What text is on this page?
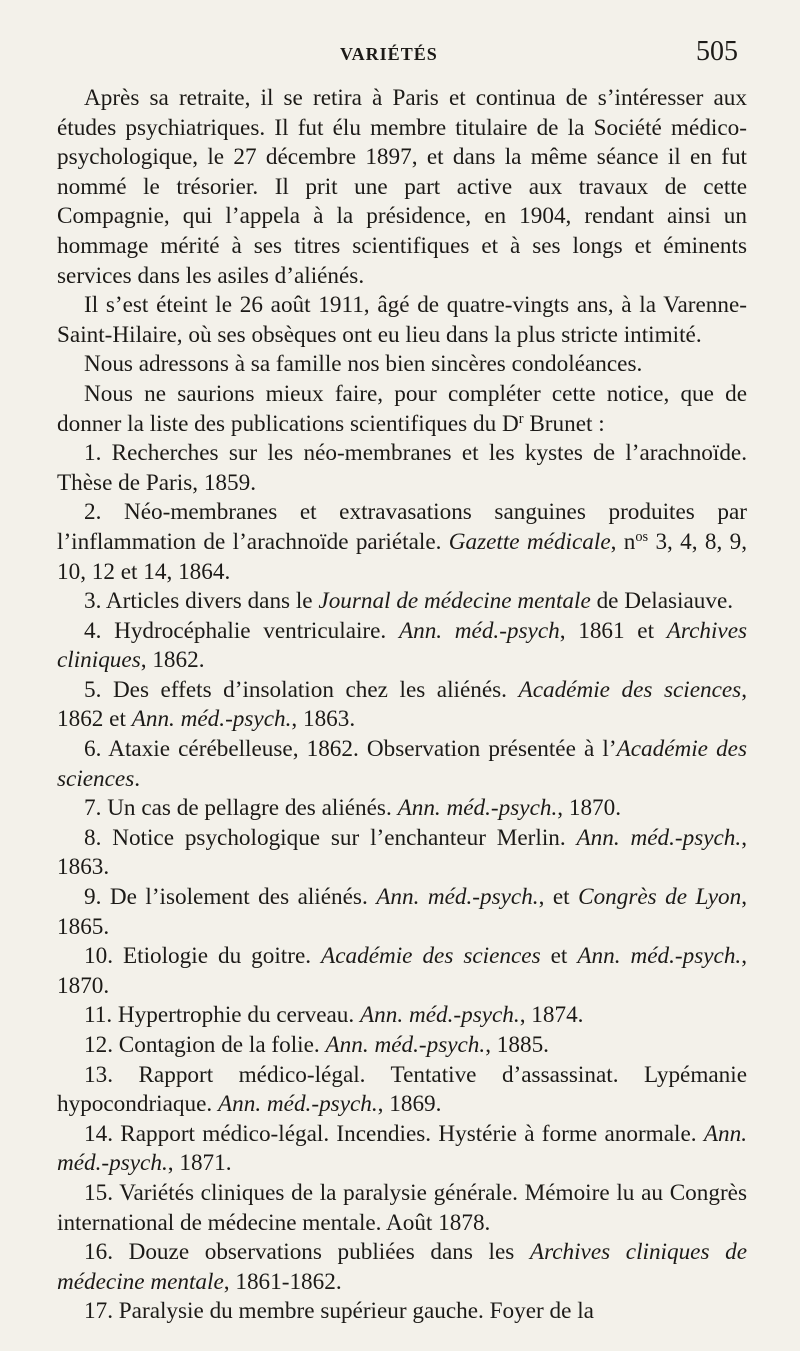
VARIÉTÉS	505

Après sa retraite, il se retira à Paris et continua de s’intéresser aux études psychiatriques. Il fut élu membre titulaire de la Société médico-psychologique, le 27 décembre 1897, et dans la même séance il en fut nommé le trésorier. Il prit une part active aux travaux de cette Compagnie, qui l’appela à la présidence, en 1904, rendant ainsi un hommage mérité à ses titres scientifiques et à ses longs et éminents services dans les asiles d’aliénés.

Il s’est éteint le 26 août 1911, âgé de quatre-vingts ans, à la Varenne-Saint-Hilaire, où ses obsèques ont eu lieu dans la plus stricte intimité.

Nous adressons à sa famille nos bien sincères condoléances.

Nous ne saurions mieux faire, pour compléter cette notice, que de donner la liste des publications scientifiques du $D^r$ Brunet :

1. Recherches sur les néo-membranes et les kystes de l’arachnoïde. Thèse de Paris, 1859.

2. Néo-membranes et extravasations sanguines produites par l’inflammation de l’arachnoïde pariétale. Gazette médicale, $n^{os}$ 3, 4, 8, 9, 10, 12 et 14, 1864.

3. Articles divers dans le Journal de médecine mentale de Delasiauve.

4. Hydrocéphalie ventriculaire. Ann. méd.-psych, 1861 et Archives cliniques, 1862.

5. Des effets d’insolation chez les aliénés. Académie des sciences, 1862 et Ann. méd.-psych., 1863.

6. Ataxie cérébelleuse, 1862. Observation présentée à l’Académie des sciences.

7. Un cas de pellagre des aliénés. Ann. méd.-psych., 1870.

8. Notice psychologique sur l’enchanteur Merlin. Ann. méd.-psych., 1863.

9. De l’isolement des aliénés. Ann. méd.-psych., et Congrès de Lyon, 1865.

10. Etiologie du goitre. Académie des sciences et Ann. méd.-psych., 1870.

11. Hypertrophie du cerveau. Ann. méd.-psych., 1874.

12. Contagion de la folie. Ann. méd.-psych., 1885.

13. Rapport médico-légal. Tentative d’assassinat. Lypémanie hypocondriaque. Ann. méd.-psych., 1869.

14. Rapport médico-légal. Incendies. Hystérie à forme anormale. Ann. méd.-psych., 1871.

15. Variétés cliniques de la paralysie générale. Mémoire lu au Congrès international de médecine mentale. Août 1878.

16. Douze observations publiées dans les Archives cliniques de médecine mentale, 1861-1862.

17. Paralysie du membre supérieur gauche. Foyer de la
